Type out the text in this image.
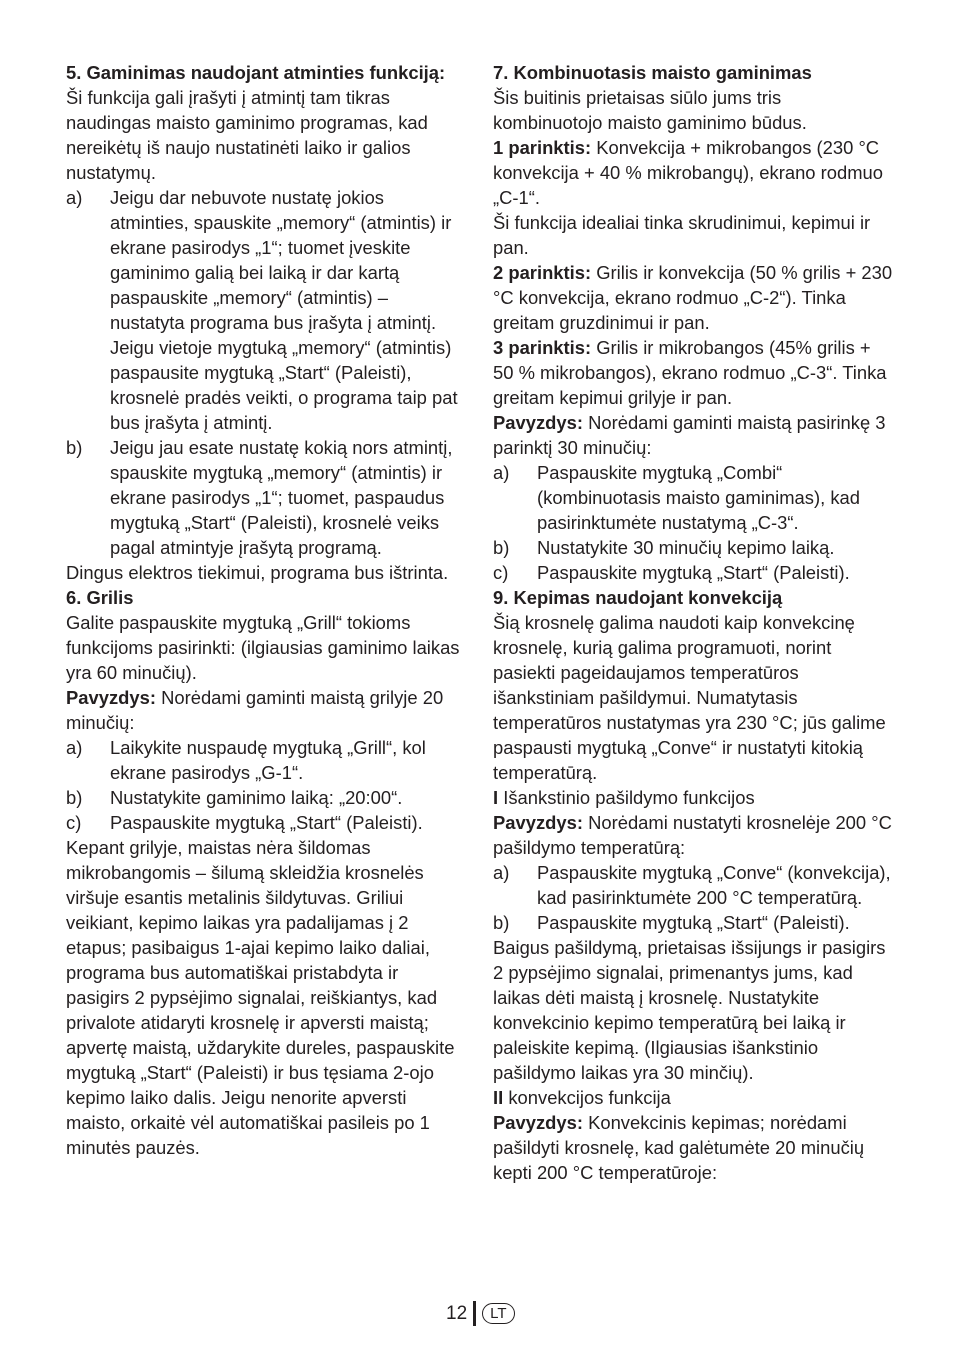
5. Gaminimas naudojant atminties funkciją:

Ši funkcija gali įrašyti į atmintį tam tikras naudingas maisto gaminimo programas, kad nereikėtų iš naujo nustatinėti laiko ir galios nustatymų.

a)	Jeigu dar nebuvote nustatę jokios atminties, spauskite „memory“ (atmintis) ir ekrane pasirodys „1“; tuomet įveskite gaminimo galią bei laiką ir dar kartą paspauskite „memory“ (atmintis) – nustatyta programa bus įrašyta į atmintį. Jeigu vietoje mygtuką „memory“ (atmintis) paspausite mygtuką „Start“ (Paleisti), krosnelė pradės veikti, o programa taip pat bus įrašyta į atmintį.
b)	Jeigu jau esate nustatę kokią nors atmintį, spauskite mygtuką „memory“ (atmintis) ir ekrane pasirodys „1“; tuomet, paspaudus mygtuką „Start“ (Paleisti), krosnelė veiks pagal atmintyje įrašytą programą.

Dingus elektros tiekimui, programa bus ištrinta.

6. Grilis

Galite paspauskite mygtuką „Grill“ tokioms funkcijoms pasirinkti: (ilgiausias gaminimo laikas yra 60 minučių).

Pavyzdys: Norėdami gaminti maistą grilyje 20 minučių:

a)	Laikykite nuspaudę mygtuką „Grill“, kol ekrane pasirodys „G-1“.
b)	Nustatykite gaminimo laiką: „20:00“.
c)	Paspauskite mygtuką „Start“ (Paleisti).

Kepant grilyje, maistas nėra šildomas mikrobangomis – šilumą skleidžia krosnelės viršuje esantis metalinis šildytuvas. Griliui veikiant, kepimo laikas yra padalijamas į 2 etapus; pasibaigus 1-ajai kepimo laiko daliai, programa bus automatiškai pristabdyta ir pasigirs 2 pypsėjimo signalai, reiškiantys, kad privalote atidaryti krosnelę ir apversti maistą; apvertę maistą, uždarykite dureles, paspauskite mygtuką „Start“ (Paleisti) ir bus tęsiama 2-ojo kepimo laiko dalis. Jeigu nenorite apversti maisto, orkaitė vėl automatiškai pasileis po 1 minutės pauzės.

7. Kombinuotasis maisto gaminimas

Šis buitinis prietaisas siūlo jums tris kombinuotojo maisto gaminimo būdus.

1 parinktis: Konvekcija + mikrobangos (230 °C konvekcija + 40 % mikrobangų), ekrano rodmuo „C-1“.

Ši funkcija idealiai tinka skrudinimui, kepimui ir pan.

2 parinktis: Grilis ir konvekcija (50 % grilis + 230 °C konvekcija, ekrano rodmuo „C-2“). Tinka greitam gruzdinimui ir pan.

3 parinktis: Grilis ir mikrobangos (45% grilis + 50 % mikrobangos), ekrano rodmuo „C-3“. Tinka greitam kepimui grilyje ir pan.

Pavyzdys: Norėdami gaminti maistą pasirinkę 3 parinktį 30 minučių:

a)	Paspauskite mygtuką „Combi“ (kombinuotasis maisto gaminimas), kad pasirinktumėte nustatymą „C-3“.
b)	Nustatykite 30 minučių kepimo laiką.
c)	Paspauskite mygtuką „Start“ (Paleisti).

9. Kepimas naudojant konvekciją

Šią krosnelę galima naudoti kaip konvekcinę krosnelę, kurią galima programuoti, norint pasiekti pageidaujamos temperatūros išankstiniam pašildymui. Numatytasis temperatūros nustatymas yra 230 °C; jūs galime paspausti mygtuką „Conve“ ir nustatyti kitokią temperatūrą.

I Išankstinio pašildymo funkcijos

Pavyzdys: Norėdami nustatyti krosnelėje 200 °C pašildymo temperatūrą:

a)	Paspauskite mygtuką „Conve“ (konvekcija), kad pasirinktumėte 200 °C temperatūrą.
b)	Paspauskite mygtuką „Start“ (Paleisti).

Baigus pašildymą, prietaisas išsijungs ir pasigirs 2 pypsėjimo signalai, primenantys jums, kad laikas dėti maistą į krosnelę. Nustatykite konvekcinio kepimo temperatūrą bei laiką ir paleiskite kepimą. (Ilgiausias išankstinio pašildymo laikas yra 30 minčių).

II konvekcijos funkcija

Pavyzdys: Konvekcinis kepimas; norėdami pašildyti krosnelę, kad galėtumėte 20 minučių kepti 200 °C temperatūroje:

12	LT
